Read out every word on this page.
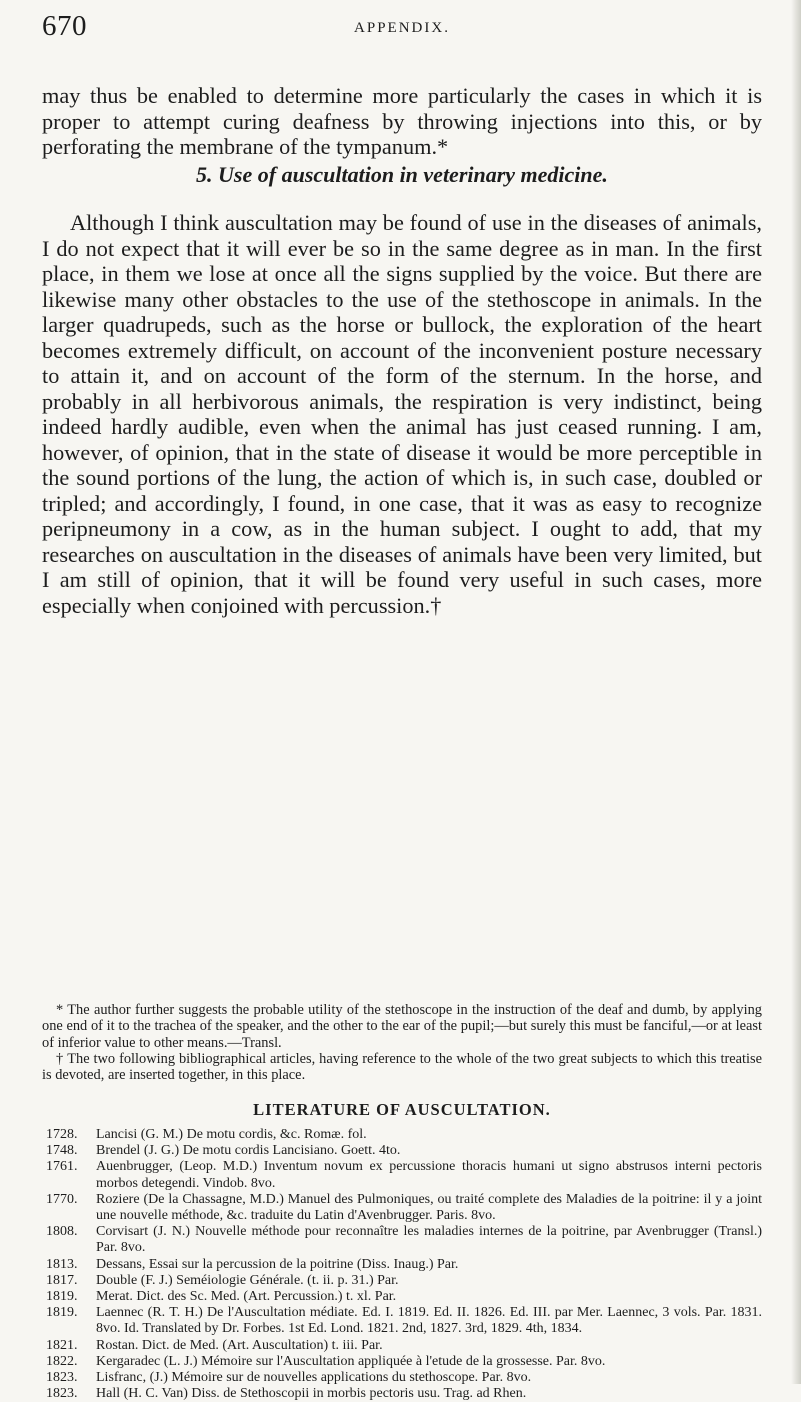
670	APPENDIX.

may thus be enabled to determine more particularly the cases in which it is proper to attempt curing deafness by throwing injections into this, or by perforating the membrane of the tympanum.*

5. Use of auscultation in veterinary medicine.

Although I think auscultation may be found of use in the diseases of animals, I do not expect that it will ever be so in the same degree as in man. In the first place, in them we lose at once all the signs supplied by the voice. But there are likewise many other obstacles to the use of the stethoscope in animals. In the larger quadrupeds, such as the horse or bullock, the exploration of the heart becomes extremely difficult, on account of the inconvenient posture necessary to attain it, and on account of the form of the sternum. In the horse, and probably in all herbivorous animals, the respiration is very indistinct, being indeed hardly audible, even when the animal has just ceased running. I am, however, of opinion, that in the state of disease it would be more perceptible in the sound portions of the lung, the action of which is, in such case, doubled or tripled; and accordingly, I found, in one case, that it was as easy to recognize peripneumony in a cow, as in the human subject. I ought to add, that my researches on auscultation in the diseases of animals have been very limited, but I am still of opinion, that it will be found very useful in such cases, more especially when conjoined with percussion.†

* The author further suggests the probable utility of the stethoscope in the instruction of the deaf and dumb, by applying one end of it to the trachea of the speaker, and the other to the ear of the pupil;—but surely this must be fanciful,—or at least of inferior value to other means.—Transl.

† The two following bibliographical articles, having reference to the whole of the two great subjects to which this treatise is devoted, are inserted together, in this place.

LITERATURE OF AUSCULTATION.
1728.	Lancisi (G. M.) De motu cordis, &c. Romæ. fol.
1748.	Brendel (J. G.) De motu cordis Lancisiano. Goett. 4to.
1761.	Auenbrugger, (Leop. M.D.) Inventum novum ex percussione thoracis humani ut signo abstrusos interni pectoris morbos detegendi. Vindob. 8vo.
1770.	Roziere (De la Chassagne, M.D.) Manuel des Pulmoniques, ou traité complete des Maladies de la poitrine: il y a joint une nouvelle méthode, &c. traduite du Latin d'Avenbrugger. Paris. 8vo.
1808.	Corvisart (J. N.) Nouvelle méthode pour reconnaître les maladies internes de la poitrine, par Avenbrugger (Transl.) Par. 8vo.
1813.	Dessans, Essai sur la percussion de la poitrine (Diss. Inaug.) Par.
1817.	Double (F. J.) Seméiologie Générale. (t. ii. p. 31.) Par.
1819.	Merat. Dict. des Sc. Med. (Art. Percussion.) t. xl. Par.
1819.	Laennec (R. T. H.) De l'Auscultation médiate. Ed. I. 1819. Ed. II. 1826. Ed. III. par Mer. Laennec, 3 vols. Par. 1831. 8vo. Id. Translated by Dr. Forbes. 1st Ed. Lond. 1821. 2nd, 1827. 3rd, 1829. 4th, 1834.
1821.	Rostan. Dict. de Med. (Art. Auscultation) t. iii. Par.
1822.	Kergaradec (L. J.) Mémoire sur l'Auscultation appliquée à l'etude de la grossesse. Par. 8vo.
1823.	Lisfranc, (J.) Mémoire sur de nouvelles applications du stethoscope. Par. 8vo.
1823.	Hall (H. C. Van) Diss. de Stethoscopii in morbis pectoris usu. Trag. ad Rhen.
